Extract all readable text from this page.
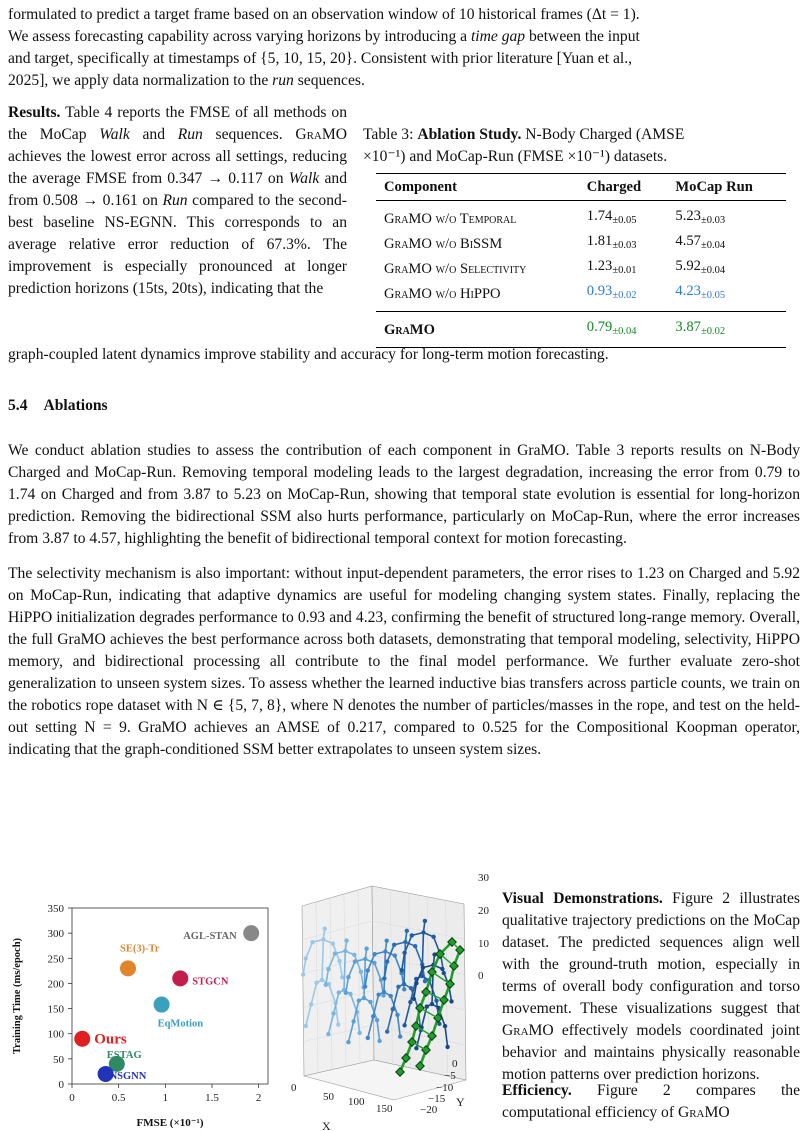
formulated to predict a target frame based on an observation window of 10 historical frames (Δt = 1).
We assess forecasting capability across varying horizons by introducing a time gap between the input
and target, specifically at timestamps of {5, 10, 15, 20}. Consistent with prior literature [Yuan et al.,
2025], we apply data normalization to the run sequences.

Results. Table 4 reports the FMSE of all methods on the MoCap Walk and Run sequences. GraMO achieves the lowest error across all settings, reducing the average FMSE from 0.347 → 0.117 on Walk and from 0.508 → 0.161 on Run compared to the second-best baseline NS-EGNN. This corresponds to an average relative error reduction of 67.3%. The improvement is especially pronounced at longer prediction horizons (15ts, 20ts), indicating that the

graph-coupled latent dynamics improve stability and accuracy for long-term motion forecasting.

Table 3: Ablation Study. N-Body Charged (AMSE
×10⁻¹) and MoCap-Run (FMSE ×10⁻¹) datasets.

Component	Charged	MoCap Run
GraMO w/o Temporal	$1.74_{\pm 0.05}$	$5.23_{\pm 0.03}$
GraMO w/o BiSSM	$1.81_{\pm 0.03}$	$4.57_{\pm 0.04}$
GraMO w/o Selectivity	$1.23_{\pm 0.01}$	$5.92_{\pm 0.04}$
GraMO w/o HiPPO	$0.93_{\pm 0.02}$	$4.23_{\pm 0.05}$
GraMO	$0.79_{\pm 0.04}$	$3.87_{\pm 0.02}$

5.4 Ablations

We conduct ablation studies to assess the contribution of each component in GraMO. Table 3 reports results on N-Body Charged and MoCap-Run. Removing temporal modeling leads to the largest degradation, increasing the error from 0.79 to 1.74 on Charged and from 3.87 to 5.23 on MoCap-Run, showing that temporal state evolution is essential for long-horizon prediction. Removing the bidirectional SSM also hurts performance, particularly on MoCap-Run, where the error increases from 3.87 to 4.57, highlighting the benefit of bidirectional temporal context for motion forecasting.

The selectivity mechanism is also important: without input-dependent parameters, the error rises to 1.23 on Charged and 5.92 on MoCap-Run, indicating that adaptive dynamics are useful for modeling changing system states. Finally, replacing the HiPPO initialization degrades performance to 0.93 and 4.23, confirming the benefit of structured long-range memory. Overall, the full GraMO achieves the best performance across both datasets, demonstrating that temporal modeling, selectivity, HiPPO memory, and bidirectional processing all contribute to the final model performance. We further evaluate zero-shot generalization to unseen system sizes. To assess whether the learned inductive bias transfers across particle counts, we train on the robotics rope dataset with N ∈ {5, 7, 8}, where N denotes the number of particles/masses in the rope, and test on the held-out setting N = 9. GraMO achieves an AMSE of 0.217, compared to 0.525 for the Compositional Koopman operator, indicating that the graph-conditioned SSM better extrapolates to unseen system sizes.

0
50
100
150
200
250
300
350
0	0.5	1	1.5	2
FMSE (×10⁻¹)
Training Time (ms/epoch)	Ours
ESTAG
NSGNN
SE(3)-Tr
EqMotion
STGCN
AGL-STAN
0
10
20
30
0
50 100
150	−20
−15
−10
−5
0
X
Y

Visual Demonstrations. Figure 2 illustrates qualitative trajectory predictions on the MoCap dataset. The predicted sequences align well with the ground-truth motion, especially in terms of overall body configuration and torso movement. These visualizations suggest that GraMO effectively models coordinated joint behavior and maintains physically reasonable motion patterns over prediction horizons.

Efficiency. Figure 2 compares the computational efficiency of GraMO
